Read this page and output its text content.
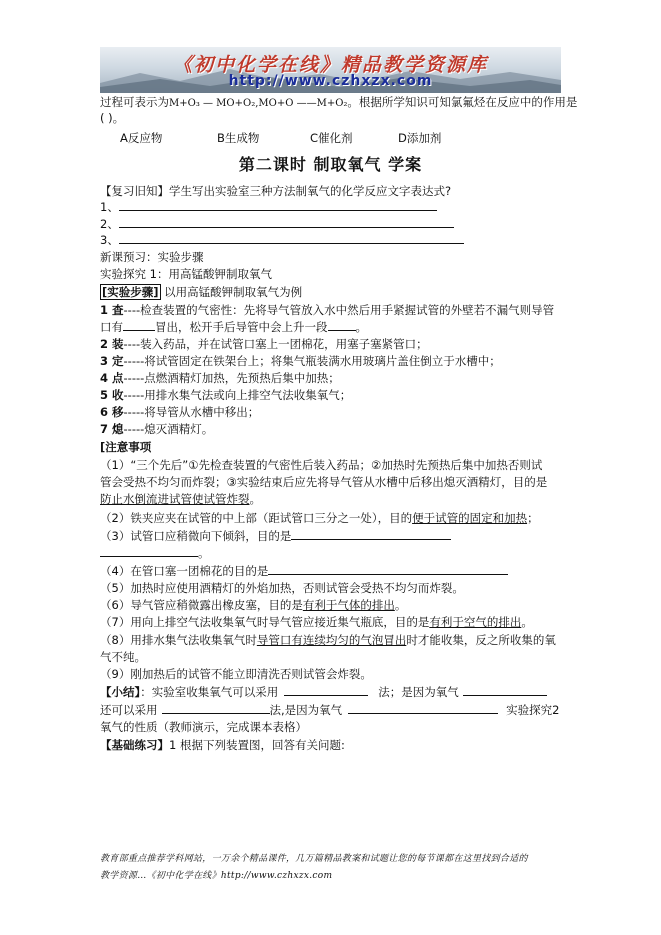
《初中化学在线》精品教学资源库
http://www.czhxzx.com
过程可表示为M+O₃ — MO+O₂,MO+O ——M+O₂。根据所学知识可知氯氟烃在反应中的作用是
( )。
A反应物	B生成物	C催化剂	D添加剂
第二课时 制取氧气 学案
【复习旧知】学生写出实验室三种方法制氧气的化学反应文字表达式?
1、
2、
3、
新课预习：实验步骤
实验探究 1：用高锰酸钾制取氧气
[实验步骤] 以用高锰酸钾制取氧气为例
1 查----检查装置的气密性：先将导气管放入水中然后用手紧握试管的外壁若不漏气则导管
口有	冒出，松开手后导管中会上升一段 。
2 装----装入药品，并在试管口塞上一团棉花，用塞子塞紧管口；
3 定-----将试管固定在铁架台上；将集气瓶装满水用玻璃片盖住倒立于水槽中；
4 点-----点燃酒精灯加热，先预热后集中加热；
5 收-----用排水集气法或向上排空气法收集氧气；
6 移-----将导管从水槽中移出；
7 熄-----熄灭酒精灯。
[注意事项
（1）“三个先后”①先检查装置的气密性后装入药品；②加热时先预热后集中加热否则试
管会受热不均匀而炸裂；③实验结束后应先将导气管从水槽中后移出熄灭酒精灯，目的是
防止水倒流进试管使试管炸裂。
（2）铁夹应夹在试管的中上部（距试管口三分之一处），目的便于试管的固定和加热；
（3）试管口应稍微向下倾斜，目的是
。
（4）在管口塞一团棉花的目的是
（5）加热时应使用酒精灯的外焰加热，否则试管会受热不均匀而炸裂。
（6）导气管应稍微露出橡皮塞，目的是有利于气体的排出。
（7）用向上排空气法收集氧气时导气管应接近集气瓶底，目的是有利于空气的排出。
（8）用排水集气法收集氧气时导管口有连续均匀的气泡冒出时才能收集，反之所收集的氧
气不纯。
（9）刚加热后的试管不能立即清洗否则试管会炸裂。
【小结】：实验室收集氧气可以采用	法；是因为氧气
还可以采用	法,是因为氧气	实验探究2
氧气的性质（教师演示，完成课本表格）
【基础练习】1 根据下列装置图，回答有关问题:
教育部重点推荐学科网站，一万余个精品课件，几万篇精品教案和试题让您的每节课都在这里找到合适的
教学资源…《初中化学在线》http://www.czhxzx.com
